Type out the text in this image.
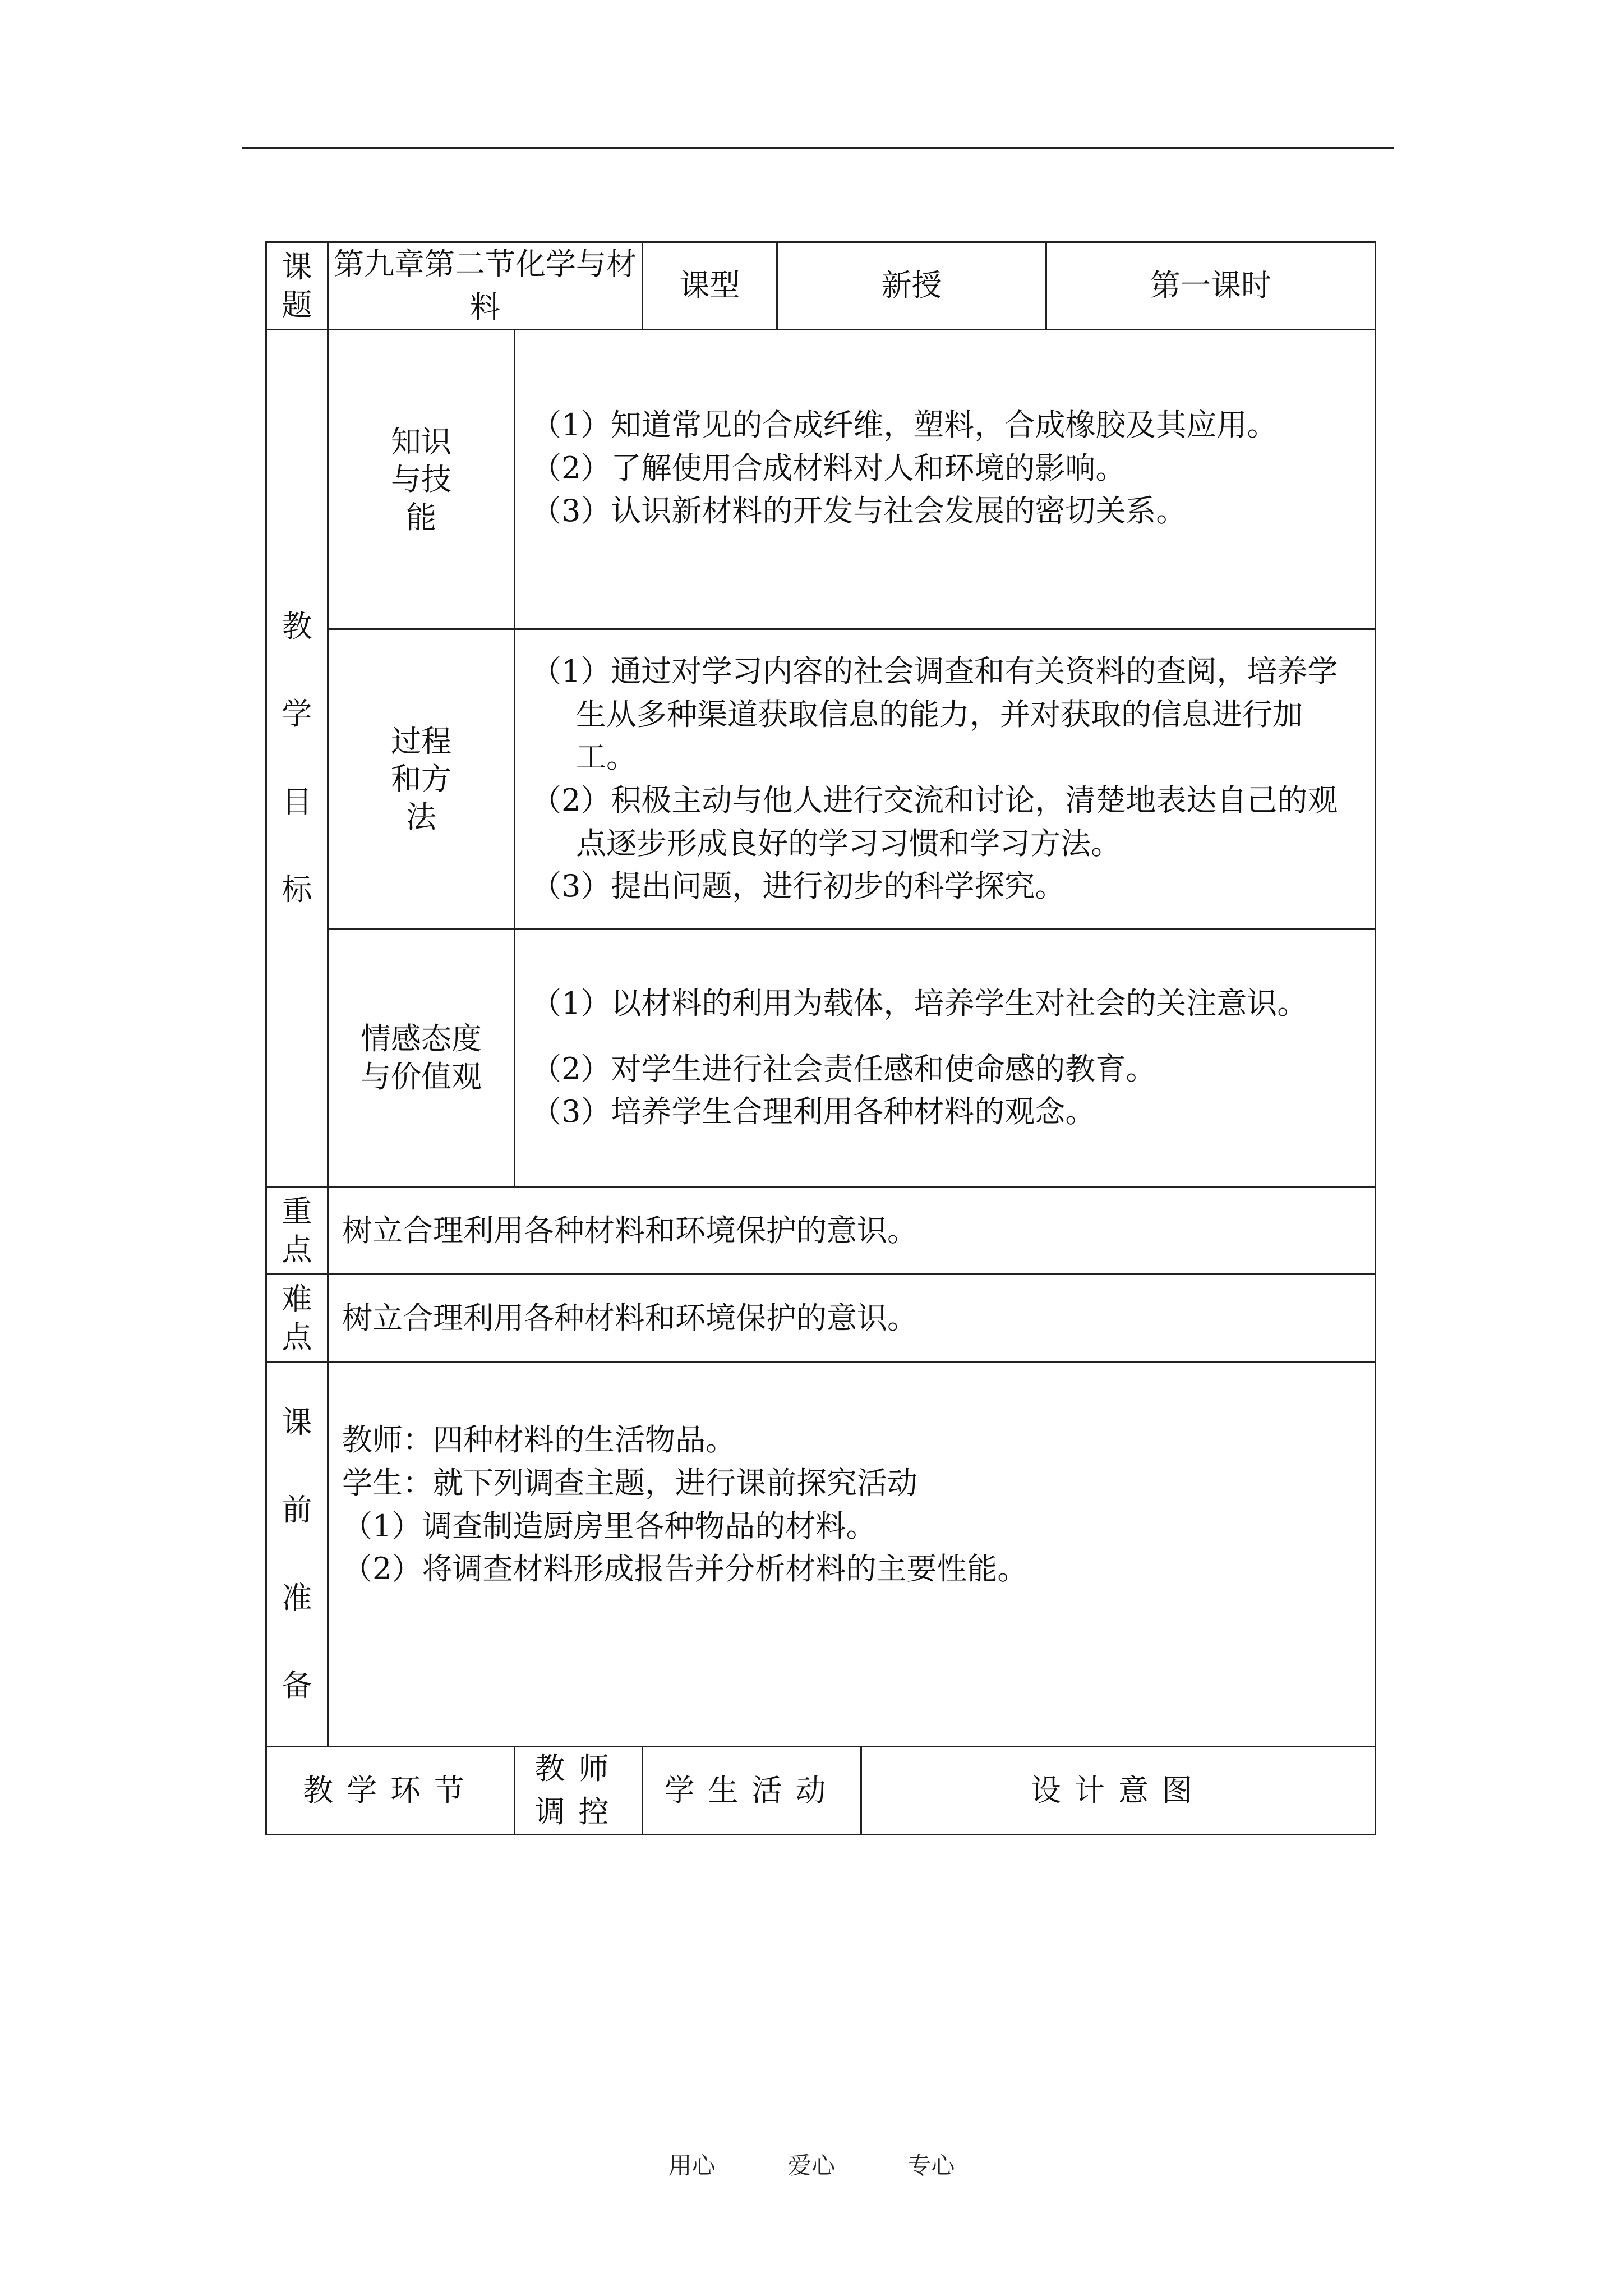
课题	第九章第二节化学与材料		课型	新授		第一课时
教学目标	知识与技能	（1）知道常见的合成纤维，塑料，合成橡胶及其应用。
（2）了解使用合成材料对人和环境的影响。
（3）认识新材料的开发与社会发展的密切关系。				

	过程和方法	（1）通过对学习内容的社会调查和有关资料的查阅，培养学生从多种渠道获取信息的能力，并对获取的信息进行加工。
（2）积极主动与他人进行交流和讨论，清楚地表达自己的观点逐步形成良好的学习习惯和学习方法。
（3）提出问题，进行初步的科学探究。				

	情感态度与价值观	（1）以材料的利用为载体，培养学生对社会的关注意识。
（2）对学生进行社会责任感和使命感的教育。
（3）培养学生合理利用各种材料的观念。				

重点	树立合理利用各种材料和环境保护的意识。					
难点	树立合理利用各种材料和环境保护的意识。					
课前准备	教师：四种材料的生活物品。
学生：就下列调查主题，进行课前探究活动
（1）调查制造厨房里各种物品的材料。
（2）将调查材料形成报告并分析材料的主要性能。					

教学环节		教师调控	学生活动		设计意图	
用心	爱心	专心
